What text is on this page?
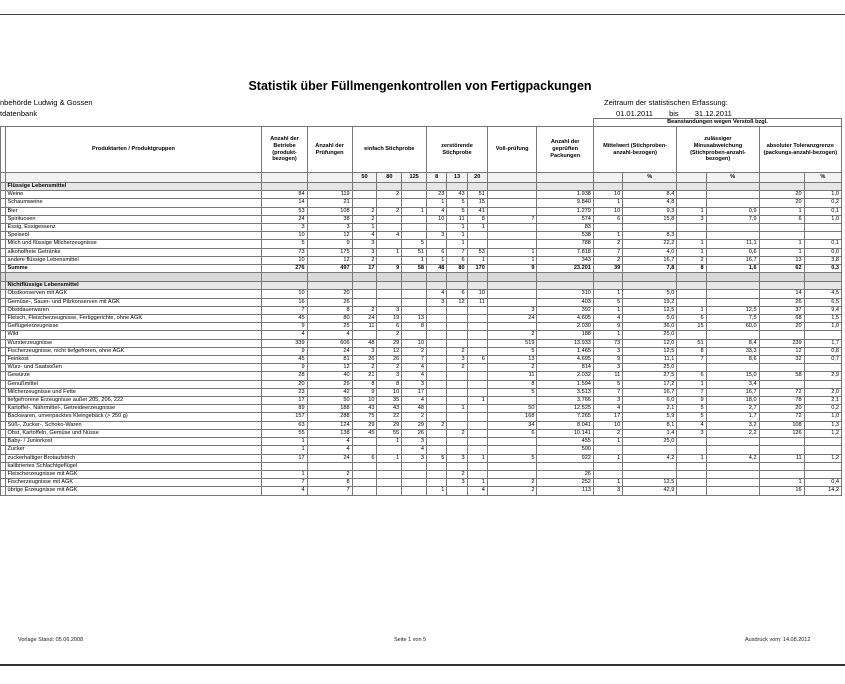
Statistik über Füllmengenkontrollen von Fertigpackungen
nbehörde Ludwig & Gossen
tdatenbank
Zeitraum der statistischen Erfassung:
01.01.2011 bis 31.12.2011
												Beanstandungen wegen Verstoß bzgl.					
	Produktarten / Produktgruppen	Anzahl der Betriebe (produkt-bezogen)	Anzahl der Prüfungen	einfach Stichprobe			zerstörende Stichprobe			Voll-prüfung	Anzahl der geprüften Packungen	Mittelwert (Stichproben-anzahl-bezogen)		zulässiger Minusabweichung (Stichproben-anzahl-bezogen)		absoluter Toleranzgrenze (packungs-anzahl-bezogen)	
				50	80	125	8	13	20				%		%		%
	Flüssige Lebensmittel																
	Weine	84	119		2		23	43	51		1.938	10	8,4			20	1,0
	Schaumweine	14	21				1	5	15		9.840	1	4,8			20	0,2
	Bier	53	108	2	2	1	4	5	41		1.279	10	9,3	1	0,9	1	0,1
	Spirituosen	24	38	2			10	11	8	7	574	6	15,8	3	7,9	6	1,0
	Essig, Essigessenz	3	3	1				1	1		83						
	Speiseöl	10	12	4	4		3	1			538	1	8,3				
	Milch und flüssige Milcherzeugnisse	5	9	3		5		1			788	2	22,2	1	11,1	1	0,1
	alkoholfreie Getränke	73	175	3	1	51	6	7	53	1	7.818	7	4,0	1	0,6	1	0,0
	andere flüssige Lebensmittel	10	12	2		1	1	6	1	1	343	2	16,7	2	16,7	13	3,8
	Summe	276	497	17	9	58	48	80	170	9	23.201	39	7,8	8	1,6	62	0,3

	Nichtflüssige Lebensmittel																
	Obstkonserven mit AGK	10	20				4	6	10		310	1	5,0			14	4,5
	Gemüse-, Sauer- und Pilzkonserven mit AGK	16	26				3	12	11		403	5	19,2			26	6,5
	Obstdauerwaren	7	8	2	3					3	392	1	12,5	1	12,5	37	9,4
	Fleisch, Fleischerzeugnisse, Fertiggerichte, ohne AGK	45	80	24	19	13				24	4.605	4	5,0	6	7,5	68	1,5
	Geflügelerzeugnisse	9	25	11	6	8					2.030	9	36,0	15	60,0	20	1,0
	Wild	4	4		2					2	188	1	25,0				
	Wursterzeugnisse	339	606	48	29	10				519	13.933	73	12,0	51	8,4	239	1,7
	Fischerzeugnisse, nicht tiefgefroren, ohne AGK	9	24	3	12	2		2		5	1.465	3	12,5	8	33,3	12	0,8
	Feinkost	45	81	26	26	7		3	6	13	4.695	9	11,1	7	8,6	32	0,7
	Würz- und Saatsoßen	9	12	2	2	4		2		2	814	3	25,0				
	Gewürze	28	40	21	3	4				11	2.032	11	27,5	6	15,0	58	2,9
	Genußmittel	20	29	8	8	3				8	1.594	5	17,2	1	3,4		
	Milcherzeugnisse und Fette	23	42	9	10	17				5	3.513	7	16,7	7	16,7	72	2,0
	tiefgefrorene Erzeugnisse außer 205, 206, 222	17	50	10	35	4			1		3.766	3	6,0	9	18,0	78	2,1
	Kartoffel-, Nährmittel-, Getreideerzeugnisse	89	188	43	43	48		1		50	12.525	4	2,1	5	2,7	20	0,2
	Backwaren, unverpacktes Kleingebäck (> 250 g)	157	288	75	22	2				168	7.265	17	5,9	5	1,7	72	1,0
	Süß-, Zucker-, Schoko-Waren	63	124	29	29	29	2			34	8.041	10	8,1	4	3,2	108	1,3
	Obst, Kartoffeln, Gemüse und Nüsse	55	138	45	55	26		2		6	10.141	2	1,4	3	2,2	126	1,2
	Baby- / Juniorkost	1	4		1	3					455	1	25,0				
	Zucker	1	4			4					500						
	zuckerhaltiger Brotaufstrich	17	24	6	1	3	5	3	1	5	922	1	4,2	1	4,2	11	1,2
	kalibriertes Schlachtgeflügel																
	Fleischerzeugnisse mit AGK	1	2					2			26						
	Fischerzeugnisse mit AGK	7	8					3	1	2	252	1	12,5			1	0,4
	übrige Erzeugnisse mit AGK	4	7				1		4	2	113	3	42,9			16	14,2
Vorlage Stand: 05.06.2008	Seite 1 von 5	Ausdruck vom: 14.08.2012
